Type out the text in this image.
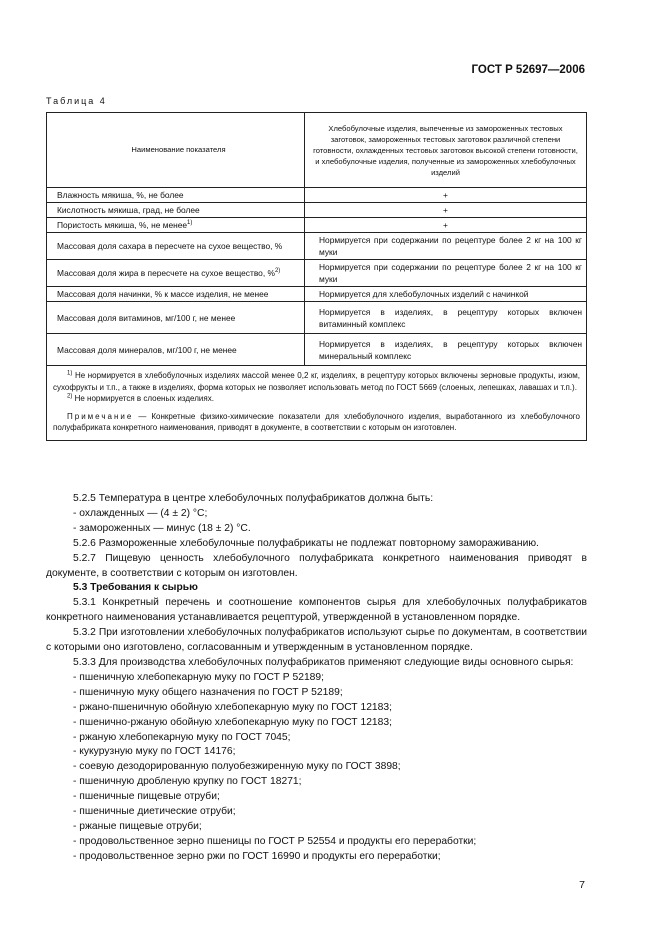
ГОСТ Р 52697—2006
Таблица 4
Наименование показателя	Хлебобулочные изделия, выпеченные из замороженных тестовых заготовок, замороженных тестовых заготовок различной степени готовности, охлажденных тестовых заготовок высокой степени готовности, и хлебобулочные изделия, полученные из замороженных хлебобулочных изделий
Влажность мякиша, %, не более	+
Кислотность мякиша, град, не более	+
Пористость мякиша, %, не менее$^{1)}$	+
Массовая доля сахара в пересчете на сухое вещество, %	Нормируется при содержании по рецептуре более 2 кг на 100 кг муки
Массовая доля жира в пересчете на сухое вещество, %$^{2)}$	Нормируется при содержании по рецептуре более 2 кг на 100 кг муки
Массовая доля начинки, % к массе изделия, не менее	Нормируется для хлебобулочных изделий с начинкой
Массовая доля витаминов, мг/100 г, не менее	Нормируется в изделиях, в рецептуру которых включен витаминный комплекс
Массовая доля минералов, мг/100 г, не менее	Нормируется в изделиях, в рецептуру которых включен минеральный комплекс

$^{1)}$ Не нормируется в хлебобулочных изделиях массой менее 0,2 кг, изделиях, в рецептуру которых включены зерновые продукты, изюм, сухофрукты и т.п., а также в изделиях, форма которых не позволяет использовать метод по ГОСТ 5669 (слоеных, лепешках, лавашах и т.п.).
$^{2)}$ Не нормируется в слоеных изделиях.
Примечание — Конкретные физико-химические показатели для хлебобулочного изделия, выработанного из хлебобулочного полуфабриката конкретного наименования, приводят в документе, в соответствии с которым он изготовлен.	
5.2.5 Температура в центре хлебобулочных полуфабрикатов должна быть:
- охлажденных — (4 ± 2) °С;
- замороженных — минус (18 ± 2) °С.
5.2.6 Размороженные хлебобулочные полуфабрикаты не подлежат повторному замораживанию.
5.2.7 Пищевую ценность хлебобулочного полуфабриката конкретного наименования приводят в документе, в соответствии с которым он изготовлен.
5.3 Требования к сырью
5.3.1 Конкретный перечень и соотношение компонентов сырья для хлебобулочных полуфабрикатов конкретного наименования устанавливается рецептурой, утвержденной в установленном порядке.
5.3.2 При изготовлении хлебобулочных полуфабрикатов используют сырье по документам, в соответствии с которыми оно изготовлено, согласованным и утвержденным в установленном порядке.
5.3.3 Для производства хлебобулочных полуфабрикатов применяют следующие виды основного сырья:
- пшеничную хлебопекарную муку по ГОСТ Р 52189;
- пшеничную муку общего назначения по ГОСТ Р 52189;
- ржано-пшеничную обойную хлебопекарную муку по ГОСТ 12183;
- пшенично-ржаную обойную хлебопекарную муку по ГОСТ 12183;
- ржаную хлебопекарную муку по ГОСТ 7045;
- кукурузную муку по ГОСТ 14176;
- соевую дезодорированную полуобезжиренную муку по ГОСТ 3898;
- пшеничную дробленую крупку по ГОСТ 18271;
- пшеничные пищевые отруби;
- пшеничные диетические отруби;
- ржаные пищевые отруби;
- продовольственное зерно пшеницы по ГОСТ Р 52554 и продукты его переработки;
- продовольственное зерно ржи по ГОСТ 16990 и продукты его переработки;
7
